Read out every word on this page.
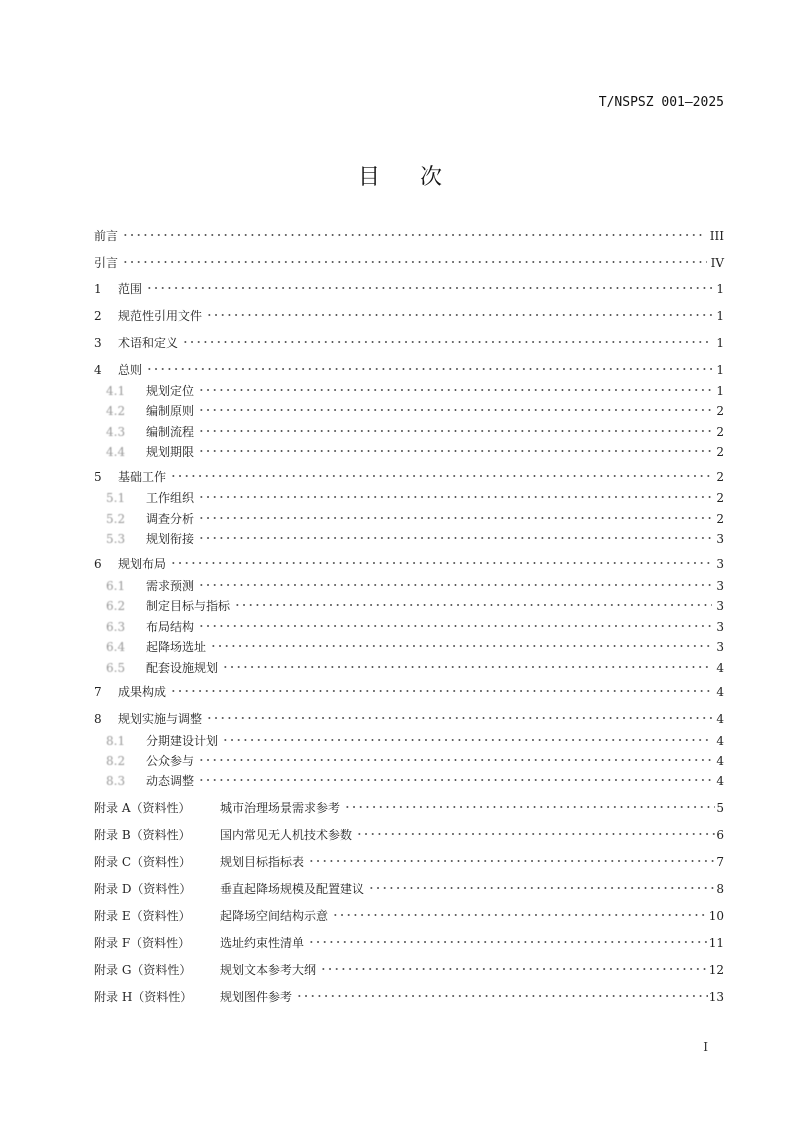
T/NSPSZ 001—2025
目 次
前言	III
引言	IV
1	范围	1
2	规范性引用文件	1
3	术语和定义	1
4	总则	1
4.1	规划定位	1
4.2	编制原则	2
4.3	编制流程	2
4.4	规划期限	2
5	基础工作	2
5.1	工作组织	2
5.2	调查分析	2
5.3	规划衔接	3
6	规划布局	3
6.1	需求预测	3
6.2	制定目标与指标	3
6.3	布局结构	3
6.4	起降场选址	3
6.5	配套设施规划	4
7	成果构成	4
8	规划实施与调整	4
8.1	分期建设计划	4
8.2	公众参与	4
8.3	动态调整	4
附录 A（资料性）	城市治理场景需求参考	5
附录 B（资料性）	国内常见无人机技术参数	6
附录 C（资料性）	规划目标指标表	7
附录 D（资料性）	垂直起降场规模及配置建议	8
附录 E（资料性）	起降场空间结构示意	10
附录 F（资料性）	选址约束性清单	11
附录 G（资料性）	规划文本参考大纲	12
附录 H（资料性）	规划图件参考	13
I
